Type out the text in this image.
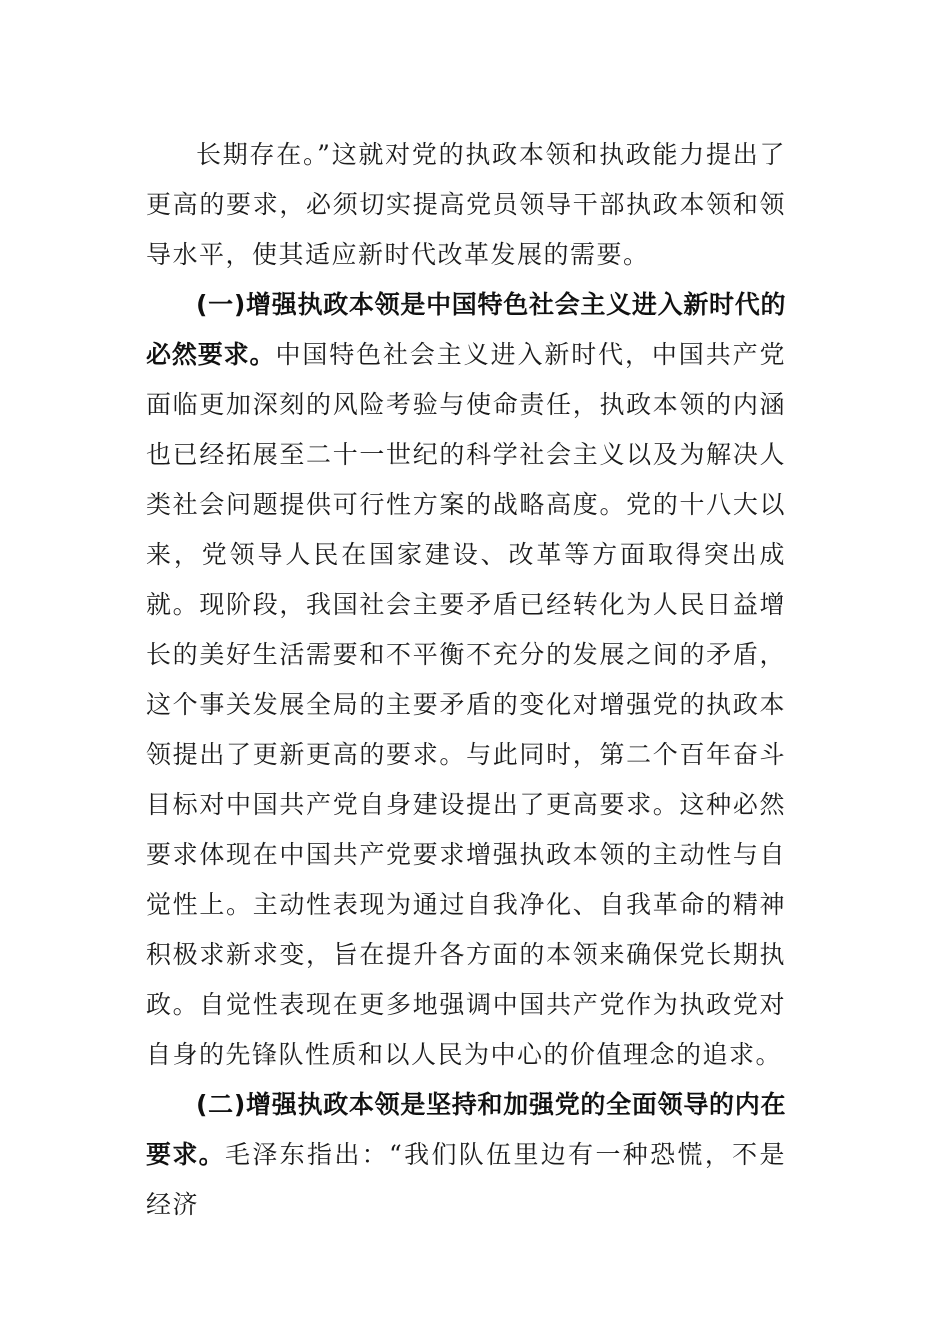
长期存在。”这就对党的执政本领和执政能力提出了更高的要求，必须切实提高党员领导干部执政本领和领导水平，使其适应新时代改革发展的需要。

(一)增强执政本领是中国特色社会主义进入新时代的必然要求。中国特色社会主义进入新时代，中国共产党面临更加深刻的风险考验与使命责任，执政本领的内涵也已经拓展至二十一世纪的科学社会主义以及为解决人类社会问题提供可行性方案的战略高度。党的十八大以来，党领导人民在国家建设、改革等方面取得突出成就。现阶段，我国社会主要矛盾已经转化为人民日益增长的美好生活需要和不平衡不充分的发展之间的矛盾，这个事关发展全局的主要矛盾的变化对增强党的执政本领提出了更新更高的要求。与此同时，第二个百年奋斗目标对中国共产党自身建设提出了更高要求。这种必然要求体现在中国共产党要求增强执政本领的主动性与自觉性上。主动性表现为通过自我净化、自我革命的精神积极求新求变，旨在提升各方面的本领来确保党长期执政。自觉性表现在更多地强调中国共产党作为执政党对自身的先锋队性质和以人民为中心的价值理念的追求。

(二)增强执政本领是坚持和加强党的全面领导的内在要求。毛泽东指出：“我们队伍里边有一种恐慌，不是经济
